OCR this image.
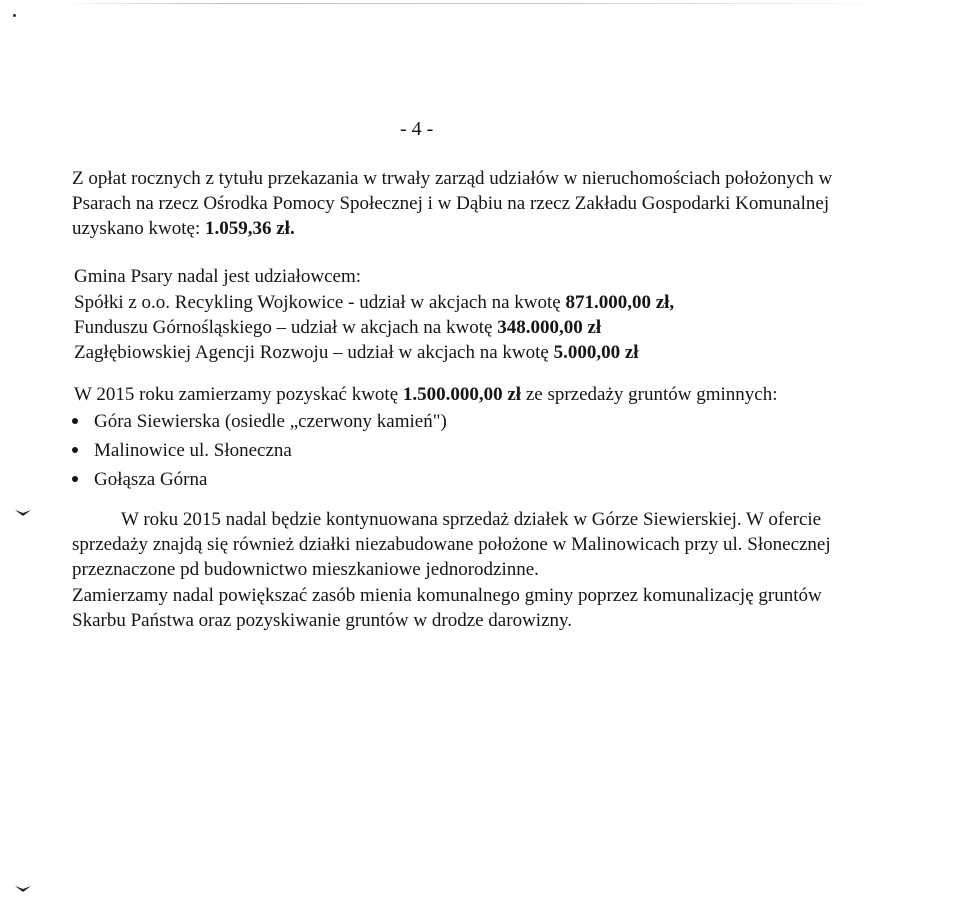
- 4 -
Z opłat rocznych z tytułu przekazania w trwały zarząd udziałów w nieruchomościach położonych w
Psarach na rzecz Ośrodka Pomocy Społecznej i w Dąbiu na rzecz Zakładu Gospodarki Komunalnej
uzyskano kwotę: 1.059,36 zł.
Gmina Psary nadal jest udziałowcem:
Spółki z o.o. Recykling Wojkowice - udział w akcjach na kwotę 871.000,00 zł,
Funduszu Górnośląskiego – udział w akcjach na kwotę 348.000,00 zł
Zagłębiowskiej Agencji Rozwoju – udział w akcjach na kwotę 5.000,00 zł
W 2015 roku zamierzamy pozyskać kwotę 1.500.000,00 zł ze sprzedaży gruntów gminnych:
Góra Siewierska (osiedle „czerwony kamień")
Malinowice ul. Słoneczna
Gołąsza Górna
W roku 2015 nadal będzie kontynuowana sprzedaż działek w Górze Siewierskiej. W ofercie
sprzedaży znajdą się również działki niezabudowane położone w Malinowicach przy ul. Słonecznej
przeznaczone pd budownictwo mieszkaniowe jednorodzinne.
Zamierzamy nadal powiększać zasób mienia komunalnego gminy poprzez komunalizację gruntów
Skarbu Państwa oraz pozyskiwanie gruntów w drodze darowizny.
